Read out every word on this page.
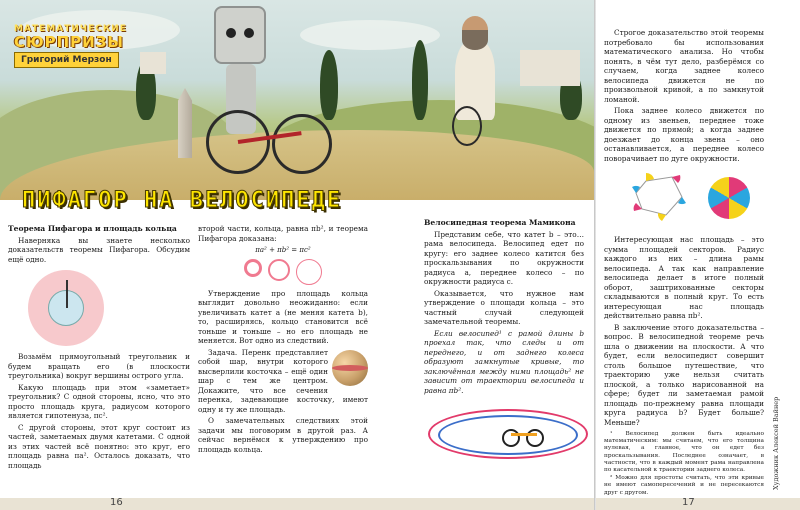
МАТЕМАТИЧЕСКИЕ
СЮРПРИЗЫ
Григорий Мерзон
ПИФАГОР НА ВЕЛОСИПЕДЕ
Теорема Пифагора и площадь кольца

Наверняка вы знаете несколько доказательств теоремы Пифагора. Обсудим ещё одно.

Возьмём прямоугольный треугольник и будем вращать его (в плоскости треугольника) вокруг вершины острого угла.

Какую площадь при этом «заметает» треугольник? С одной стороны, ясно, что это просто площадь круга, радиусом которого является гипотенуза, πc².

С другой стороны, этот круг состоит из частей, заметаемых двумя катетами. С одной из этих частей всё понятно: это круг, его площадь равна πa². Осталось доказать, что площадь

второй части, кольца, равна πb², и теорема Пифагора доказана:

πa² + πb² = πc²

Утверждение про площадь кольца выглядит довольно неожиданно: если увеличивать катет a (не меняя катета b), то, расширяясь, кольцо становится всё тоньше и тоньше – но его площадь не меняется. Вот одно из следствий.

Задача. Перенк представляет собой шар, внутри которого высверлили косточка – ещё один шар с тем же центром. Докажите, что все сечения перенка, задевающие косточку, имеют одну и ту же площадь.

О замечательных следствиях этой задачи мы поговорим в другой раз. А сейчас вернёмся к утверждению про площадь кольца.

Велосипедная теорема Мамикона

Представим себе, что катет b – это… рама велосипеда. Велосипед едет по кругу: его заднее колесо катится без проскальзывания по окружности радиуса a, переднее колесо – по окружности радиуса c.

Оказывается, что нужное нам утверждение о площади кольца – это частный случай следующей замечательной теоремы.

Если велосипед¹ с рамой длины b проехал так, что следы и от переднего, и от заднего колеса образуют замкнутые кривые, то заключённая между ними площадь² не зависит от траектории велосипеда и равна πb².

Строгое доказательство этой теоремы потребовало бы использования математического анализа. Но чтобы понять, в чём тут дело, разберёмся со случаем, когда заднее колесо велосипеда движется не по произвольной кривой, а по замкнутой ломаной.

Пока заднее колесо движется по одному из звеньев, переднее тоже движется по прямой; а когда заднее доезжает до конца звена – оно останавливается, а переднее колесо поворачивает по дуге окружности.

Интересующая нас площадь – это сумма площадей секторов. Радиус каждого из них – длина рамы велосипеда. А так как направление велосипеда делает в итоге полный оборот, заштрихованные секторы складываются в полный круг. То есть интересующая нас площадь действительно равна πb².

В заключение этого доказательства – вопрос. В велосипедной теореме речь шла о движении на плоскости. А что будет, если велосипедист совершит столь большое путешествие, что траекторию уже нельзя считать плоской, а только нарисованной на сфере; будет ли заметаемая рамой площадь по-прежнему равна площади круга радиуса b? Будет больше? Меньше?

¹ Велосипед должен быть идеально математическим: мы считаем, что его толщина нулевая, а главное, что он едет без проскальзывания. Последнее означает, в частности, что в каждый момент рама направлена по касательной к траектории заднего колеса.

² Можно для простоты считать, что эти кривые не имеют самопересечений и не пересекаются друг с другом.

Художник Алексей Вайнер
16	17
